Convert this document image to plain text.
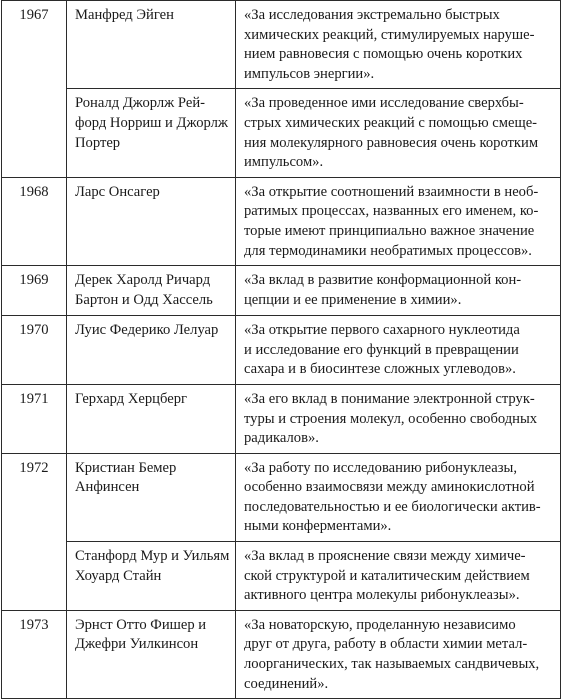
1967	Манфред Эйген	«За исследования экстремально быстрых
химических реакций, стимулируемых наруше-
нием равновесия с помощью очень коротких
импульсов энергии».

	Роналд Джорлж Рей-
форд Норриш и Джорлж
Портер	«За проведенное ими исследование сверхбы-
стрых химических реакций с помощью смеще-
ния молекулярного равновесия очень коротким
импульсом».

1968	Ларс Онсагер	«За открытие соотношений взаимности в необ-
ратимых процессах, названных его именем, ко-
торые имеют принципиально важное значение
для термодинамики необратимых процессов».

1969	Дерек Харолд Ричард
Бартон и Одд Хассель	«За вклад в развитие конформационной кон-
цепции и ее применение в химии».

1970	Луис Федерико Лелуар	«За открытие первого сахарного нуклеотида
и исследование его функций в превращении
сахара и в биосинтезе сложных углеводов».

1971	Герхард Херцберг	«За его вклад в понимание электронной струк-
туры и строения молекул, особенно свободных
радикалов».

1972	Кристиан Бемер
Анфинсен	«За работу по исследованию рибонуклеазы,
особенно взаимосвязи между аминокислотной
последовательностью и ее биологически актив-
ными конферментами».

	Станфорд Мур и Уильям
Хоуард Стайн	«За вклад в прояснение связи между химиче-
ской структурой и каталитическим действием
активного центра молекулы рибонуклеазы».

1973	Эрнст Отто Фишер и
Джефри Уилкинсон	«За новаторскую, проделанную независимо
друг от друга, работу в области химии метал-
лоорганических, так называемых сандвичевых,
соединений».
